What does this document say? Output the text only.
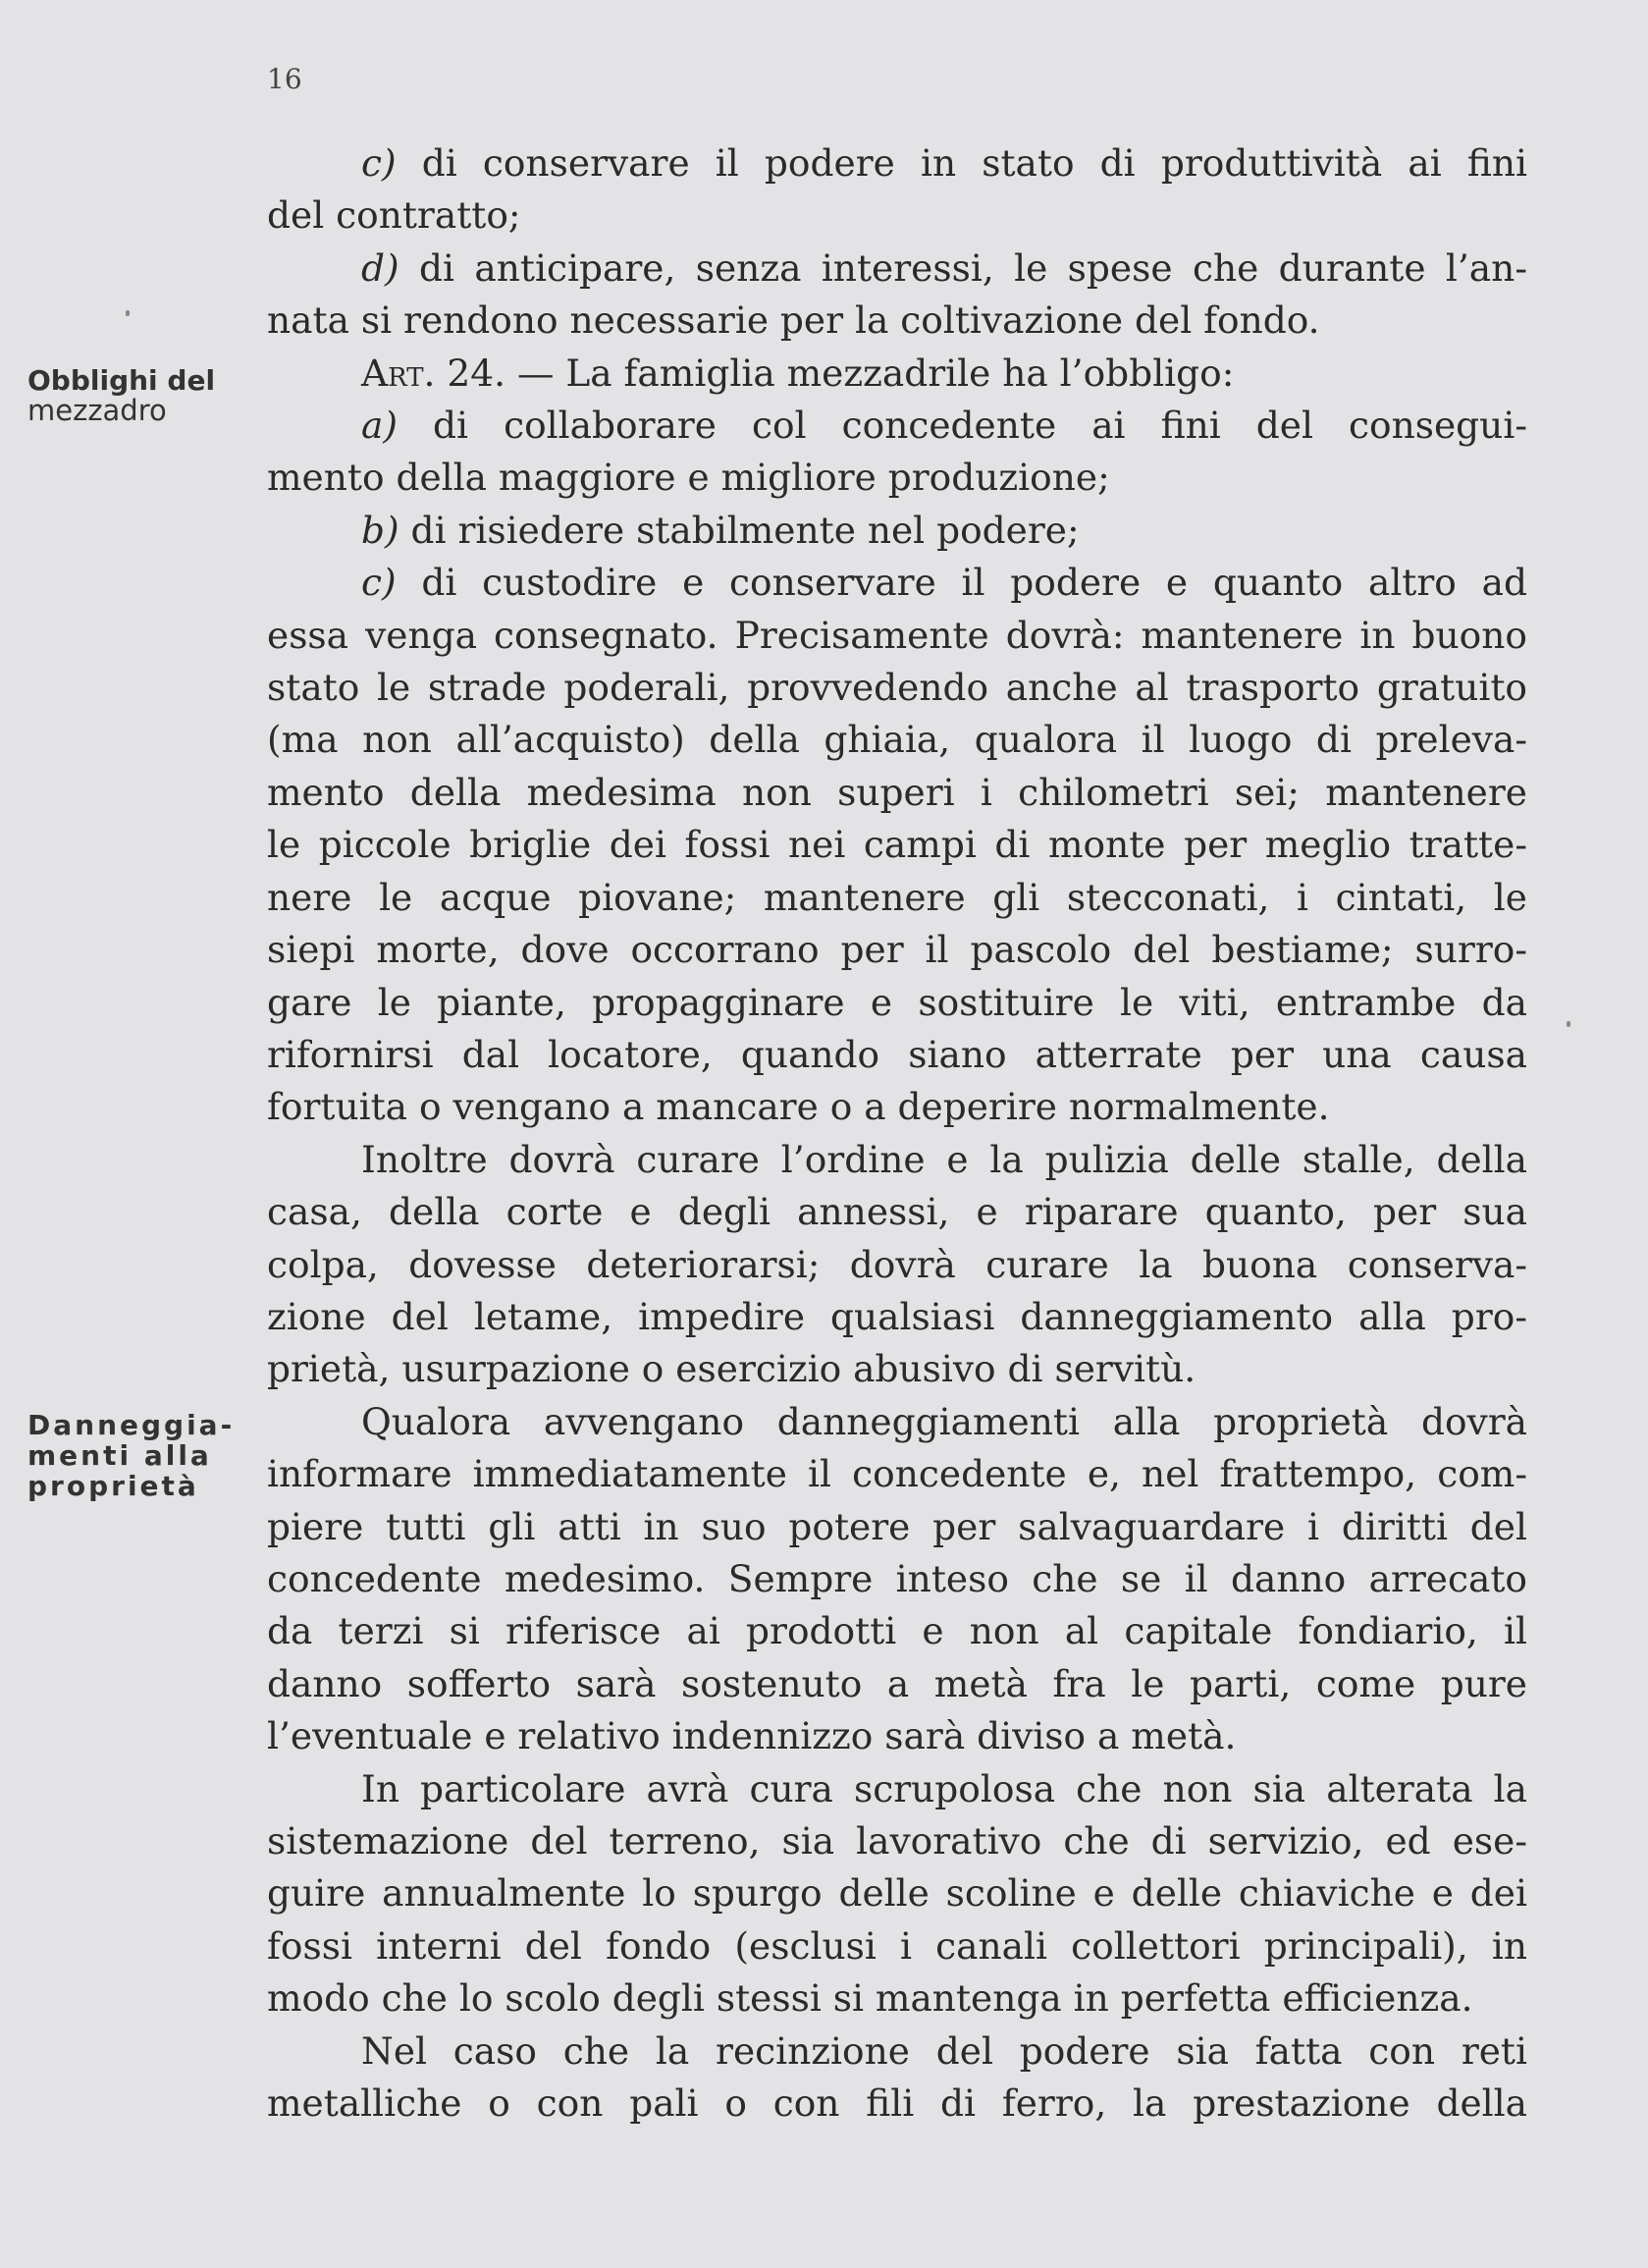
16
Obblighi del
mezzadro
Danneggia-
menti alla
proprietà
c) di conservare il podere in stato di produttività ai fini
del contratto;
d) di anticipare, senza interessi, le spese che durante l’an-
nata si rendono necessarie per la coltivazione del fondo.
Art. 24. — La famiglia mezzadrile ha l’obbligo:
a) di collaborare col concedente ai fini del consegui-
mento della maggiore e migliore produzione;
b) di risiedere stabilmente nel podere;
c) di custodire e conservare il podere e quanto altro ad
essa venga consegnato. Precisamente dovrà: mantenere in buono
stato le strade poderali, provvedendo anche al trasporto gratuito
(ma non all’acquisto) della ghiaia, qualora il luogo di preleva-
mento della medesima non superi i chilometri sei; mantenere
le piccole briglie dei fossi nei campi di monte per meglio tratte-
nere le acque piovane; mantenere gli stecconati, i cintati, le
siepi morte, dove occorrano per il pascolo del bestiame; surro-
gare le piante, propagginare e sostituire le viti, entrambe da
rifornirsi dal locatore, quando siano atterrate per una causa
fortuita o vengano a mancare o a deperire normalmente.
Inoltre dovrà curare l’ordine e la pulizia delle stalle, della
casa, della corte e degli annessi, e riparare quanto, per sua
colpa, dovesse deteriorarsi; dovrà curare la buona conserva-
zione del letame, impedire qualsiasi danneggiamento alla pro-
prietà, usurpazione o esercizio abusivo di servitù.
Qualora avvengano danneggiamenti alla proprietà dovrà
informare immediatamente il concedente e, nel frattempo, com-
piere tutti gli atti in suo potere per salvaguardare i diritti del
concedente medesimo. Sempre inteso che se il danno arrecato
da terzi si riferisce ai prodotti e non al capitale fondiario, il
danno sofferto sarà sostenuto a metà fra le parti, come pure
l’eventuale e relativo indennizzo sarà diviso a metà.
In particolare avrà cura scrupolosa che non sia alterata la
sistemazione del terreno, sia lavorativo che di servizio, ed ese-
guire annualmente lo spurgo delle scoline e delle chiaviche e dei
fossi interni del fondo (esclusi i canali collettori principali), in
modo che lo scolo degli stessi si mantenga in perfetta efficienza.
Nel caso che la recinzione del podere sia fatta con reti
metalliche o con pali o con fili di ferro, la prestazione della
